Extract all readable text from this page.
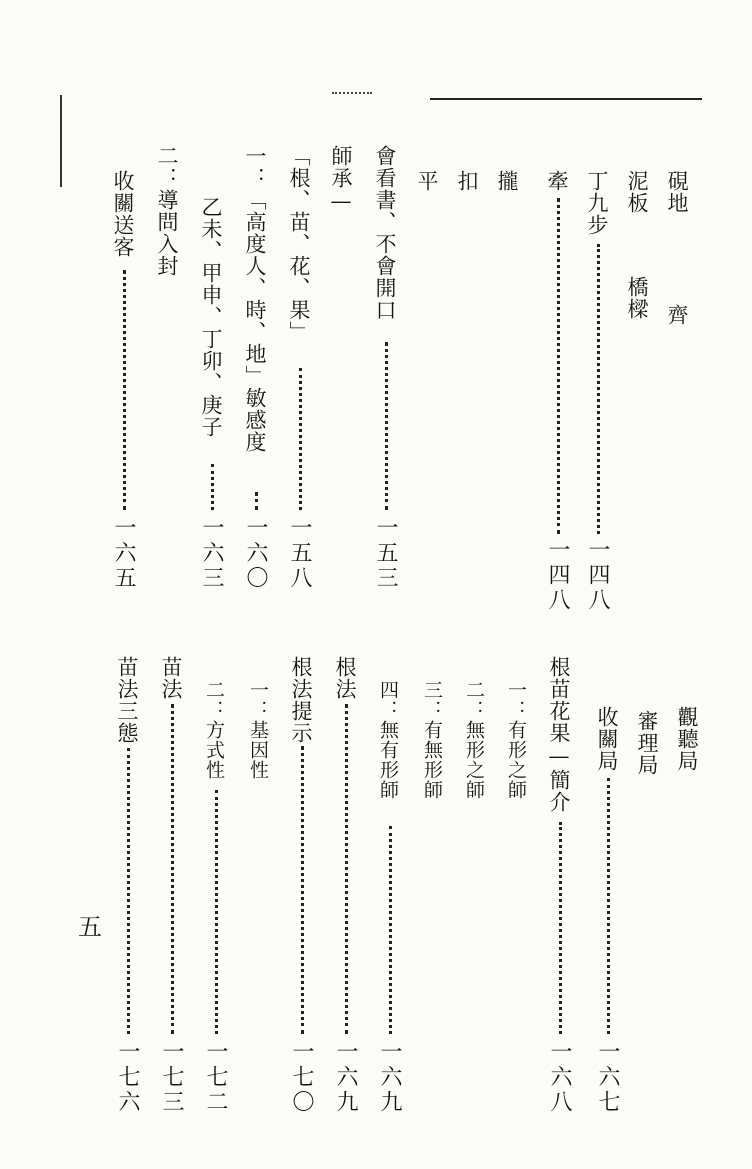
硯地
齊
泥板
橋樑
丁九步
一四八
牽
一四八
攏
扣
平
會看書、不會開口
一五三
師承—
「根、苗、花、果」
一五八
一：「高度人、時、地」敏感度
一六〇
乙未、甲申、丁卯、庚子
一六三
二：導問入封
收關送客
一六五
觀聽局
審理局
收關局
一六七
根苗花果—簡介
一六八
一：有形之師
二：無形之師
三：有無形師
四：無有形師
一六九
根法
一六九
根法提示
一七〇
一：基因性
二：方式性
一七二
苗法
一七三
苗法三態
一七六
五
